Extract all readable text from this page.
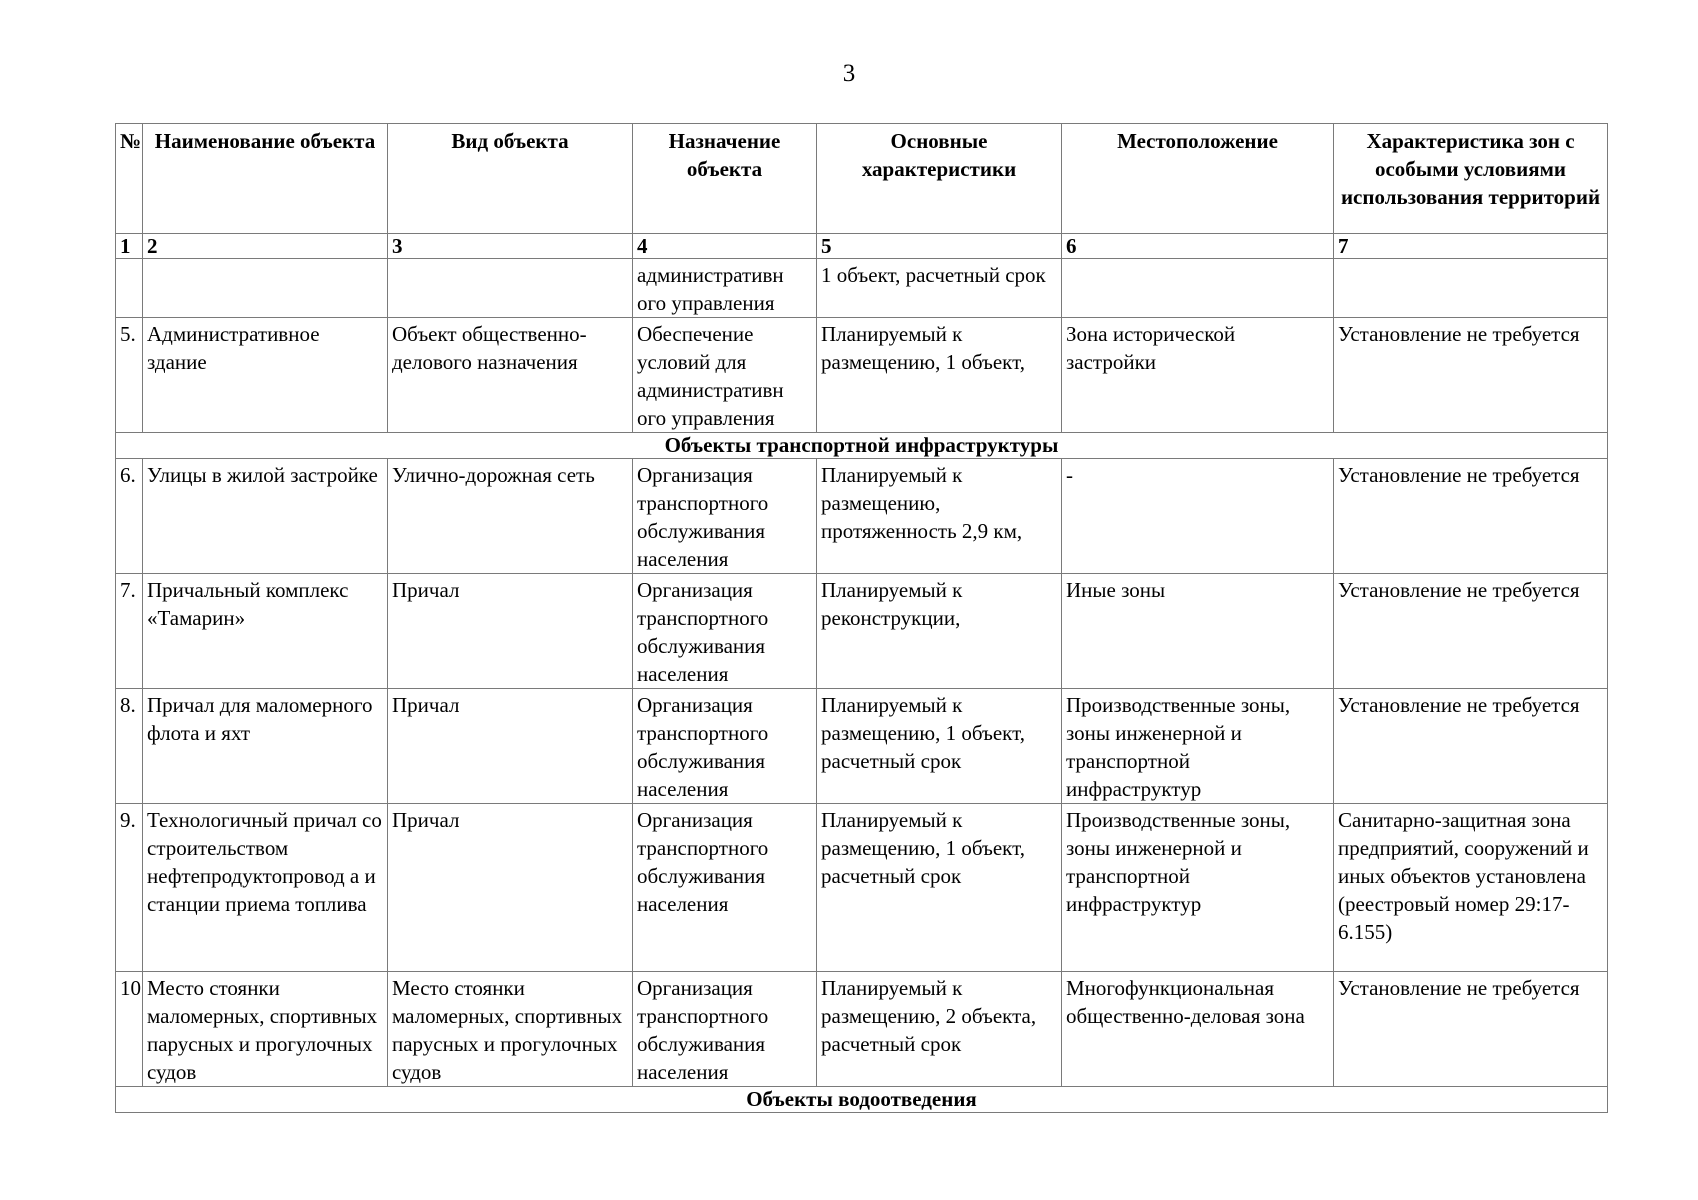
3
№	Наименование объекта	Вид объекта	Назначение объекта	Основные характеристики	Местоположение	Характеристика зон с особыми условиями использования территорий
1	2	3	4	5	6	7
			административн ого управления	1 объект, расчетный срок		
5.	Административное здание	Объект общественно-делового назначения	Обеспечение условий для административн ого управления	Планируемый к размещению, 1 объект,	Зона исторической застройки	Установление не требуется
Объекты транспортной инфраструктуры						
6.	Улицы в жилой застройке	Улично-дорожная сеть	Организация транспортного обслуживания населения	Планируемый к размещению, протяженность 2,9 км,	-	Установление не требуется
7.	Причальный комплекс «Тамарин»	Причал	Организация транспортного обслуживания населения	Планируемый к реконструкции,	Иные зоны	Установление не требуется
8.	Причал для маломерного флота и яхт	Причал	Организация транспортного обслуживания населения	Планируемый к размещению, 1 объект, расчетный срок	Производственные зоны, зоны инженерной и транспортной инфраструктур	Установление не требуется
9.	Технологичный причал со строительством нефтепродуктопровод а и станции приема топлива	Причал	Организация транспортного обслуживания населения	Планируемый к размещению, 1 объект, расчетный срок	Производственные зоны, зоны инженерной и транспортной инфраструктур	Санитарно-защитная зона предприятий, сооружений и иных объектов установлена (реестровый номер 29:17-6.155)
10	Место стоянки маломерных, спортивных парусных и прогулочных судов	Место стоянки маломерных, спортивных парусных и прогулочных судов	Организация транспортного обслуживания населения	Планируемый к размещению, 2 объекта, расчетный срок	Многофункциональная общественно-деловая зона	Установление не требуется
Объекты водоотведения						
